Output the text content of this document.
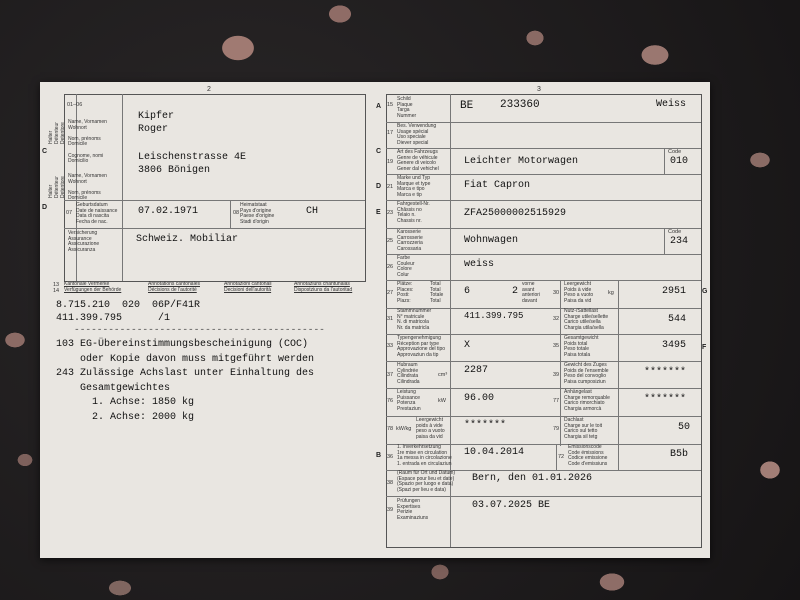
2	3
C
D
Halter
Détenteur
Detentore
Halter
Détenteur
Detentore
01–06
Name, Vornamen
Wohnort

Nom, prénoms
Domicile

Cognome, nomi
Domicilio
Name, Vornamen
Wohnort

Nom, prénoms
Domicile
Kipfer
Roger
Leischenstrasse 4E
3806 Bönigen
07
Geburtsdatum
Date de naissance
Data di nascita
Fecha de nac.
07.02.1971	08
Heimatstaat
Pays d'origine
Paese d'origine
Stadi d'origin
CH
Versicherung
Assurance
Assicurazione
Assicuranza
Schweiz. Mobiliar
13
14
Kantonale Vermerke
Verfügungen der Behörde
Annotations cantonales
Décisions de l'autorité
Annotazioni cantonali
Decisioni dell'autorità
Annotaziuns chantunalas
Dispostziuns da l'autoritad
8.715.210  020  06P/F41R
411.399.795      /1
--------------------------------------------
103 EG-Übereinstimmungsbescheinigung (COC)
oder Kopie davon muss mitgeführt werden
243 Zulässige Achslast unter Einhaltung des
Gesamtgewichtes
1. Achse: 1850 kg
2. Achse: 2000 kg
A
C
D
E
B
G
F
15
Schild
Plaque
Targa
Nummer
BE 233360	Weiss
17
Bes. Verwendung
Usage spécial
Uso speciale
Diever special
19
Art des Fahrzeugs
Genre de véhicule
Genere di veicolo
Gener dal vehichel
Leichter Motorwagen
Code
010
21
Marke und Typ
Marque et type
Marca e tipo
Marca e tip
Fiat Capron
23
Fahrgestell-Nr.
Châssis no
Telaio n.
Chassis nr.
ZFA25000002515929
25
Karosserie
Carrosserie
Carrozzeria
Carossaria
Wohnwagen
Code
234
26
Farbe
Couleur
Colore
Colur
weiss
27
Plätze:
Places:
Posti:
Plazs:
Total
Total
Totale
Total
6	2
vorne
avant
anteriori
davant
30
Leergewicht
Poids à vide
Peso a vuoto
Paisa da vid
kg	2951
31
Stammnummer
N° matricule
N. di matricola
Nr. da matricla
411.399.795	32
Nutz-/Sattellast
Charge utile/sellette
Carico utile/sella
Chargia utila/sella
544
33
Typengenehmigung
Réception par type
Approvazione del tipo
Approvaziun da tip
X	35
Gesamtgewicht
Poids total
Peso totale
Paisa totala
3495
37
Hubraum
Cylindrée
Cilindrata
Cilindrada
cm³ 2287	39
Gewicht des Zuges
Poids de l'ensemble
Peso del convoglio
Paisa cumposiziun
*******
76
Leistung
Puissance
Potenza
Prestaziun
kW 96.00	77
Anhängelast
Charge remorquable
Carico rimorchiato
Chargia armorcà
*******
78 kW/kg
Leergewicht
poids à vide
peso a vuoto
paisa da vid
*******	79
Dachlast
Charge sur le toit
Carico sul tetto
Chargia sil tetg
50
36
1. Inverkehrsetzung
1re mise en circulation
1a messa in circolazione
1. entrada en circulaziun
10.04.2014	72
Emissionscode
Code émissions
Codice emissione
Code d'emissiuns
B5b
38
(Raum für Ort und Datum)
(Espace pour lieu et date)
(Spazio per luogo e data)
(Spazi per lieu e data)
Bern, den 01.01.2026
39
Prüfungen
Expertises
Perizie
Examinaziuns
03.07.2025 BE
